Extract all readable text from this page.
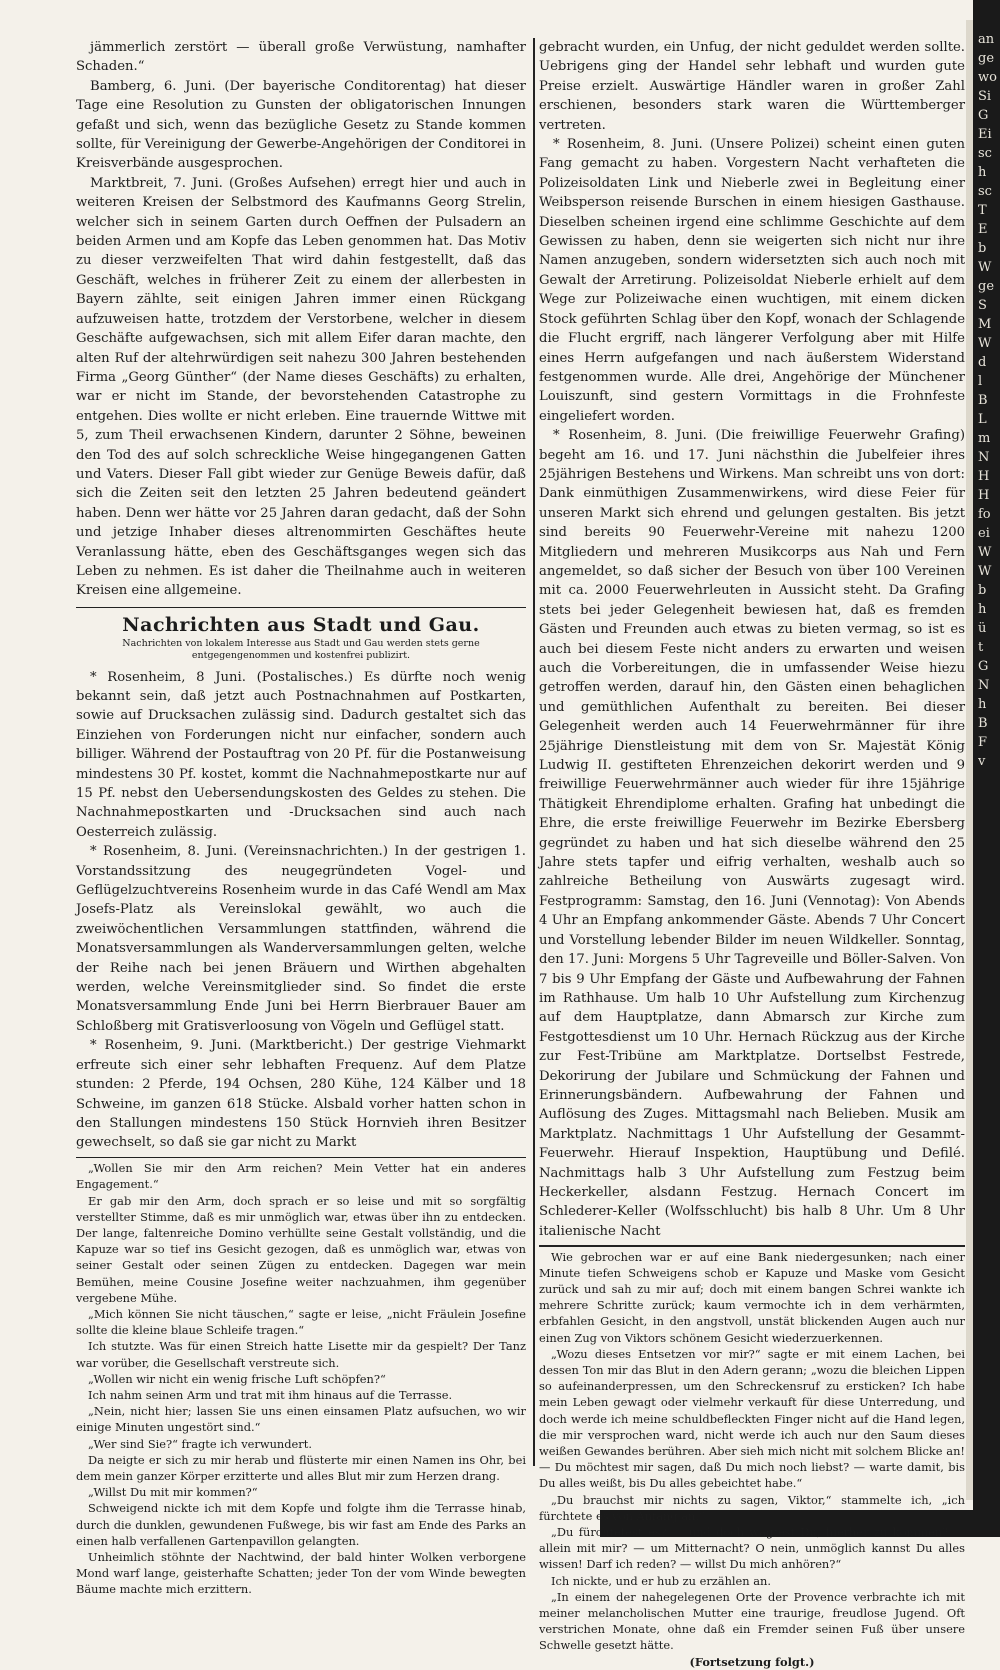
an
ge
wo
Si
G
Ei
sc
h
sc
T
E
b
W
ge
S
M
W
d
l
B
L
m
N
H
H
fo
ei
W
W
b
h
ü
t
G
N
h
B
F
v

jämmerlich zerstört — überall große Verwüstung, namhafter Schaden.“

Bamberg, 6. Juni. (Der bayerische Conditorentag) hat dieser Tage eine Resolution zu Gunsten der obligatorischen Innungen gefaßt und sich, wenn das bezügliche Gesetz zu Stande kommen sollte, für Vereinigung der Gewerbe-Angehörigen der Conditorei in Kreisverbände ausgesprochen.

Marktbreit, 7. Juni. (Großes Aufsehen) erregt hier und auch in weiteren Kreisen der Selbstmord des Kaufmanns Georg Strelin, welcher sich in seinem Garten durch Oeffnen der Pulsadern an beiden Armen und am Kopfe das Leben genommen hat. Das Motiv zu dieser verzweifelten That wird dahin festgestellt, daß das Geschäft, welches in früherer Zeit zu einem der allerbesten in Bayern zählte, seit einigen Jahren immer einen Rückgang aufzuweisen hatte, trotzdem der Verstorbene, welcher in diesem Geschäfte aufgewachsen, sich mit allem Eifer daran machte, den alten Ruf der altehrwürdigen seit nahezu 300 Jahren bestehenden Firma „Georg Günther“ (der Name dieses Geschäfts) zu erhalten, war er nicht im Stande, der bevorstehenden Catastrophe zu entgehen. Dies wollte er nicht erleben. Eine trauernde Wittwe mit 5, zum Theil erwachsenen Kindern, darunter 2 Söhne, beweinen den Tod des auf solch schreckliche Weise hingegangenen Gatten und Vaters. Dieser Fall gibt wieder zur Genüge Beweis dafür, daß sich die Zeiten seit den letzten 25 Jahren bedeutend geändert haben. Denn wer hätte vor 25 Jahren daran gedacht, daß der Sohn und jetzige Inhaber dieses altrenommirten Geschäftes heute Veranlassung hätte, eben des Geschäftsganges wegen sich das Leben zu nehmen. Es ist daher die Theilnahme auch in weiteren Kreisen eine allgemeine.

Nachrichten aus Stadt und Gau.
Nachrichten von lokalem Interesse aus Stadt und Gau werden stets gerne entgegengenommen und kostenfrei publizirt.

* Rosenheim, 8 Juni. (Postalisches.) Es dürfte noch wenig bekannt sein, daß jetzt auch Postnachnahmen auf Postkarten, sowie auf Drucksachen zulässig sind. Dadurch gestaltet sich das Einziehen von Forderungen nicht nur einfacher, sondern auch billiger. Während der Postauftrag von 20 Pf. für die Postanweisung mindestens 30 Pf. kostet, kommt die Nachnahmepostkarte nur auf 15 Pf. nebst den Uebersendungskosten des Geldes zu stehen. Die Nachnahmepostkarten und -Drucksachen sind auch nach Oesterreich zulässig.

* Rosenheim, 8. Juni. (Vereinsnachrichten.) In der gestrigen 1. Vorstandssitzung des neugegründeten Vogel- und Geflügelzuchtvereins Rosenheim wurde in das Café Wendl am Max Josefs-Platz als Vereinslokal gewählt, wo auch die zweiwöchentlichen Versammlungen stattfinden, während die Monatsversammlungen als Wanderversammlungen gelten, welche der Reihe nach bei jenen Bräuern und Wirthen abgehalten werden, welche Vereinsmitglieder sind. So findet die erste Monatsversammlung Ende Juni bei Herrn Bierbrauer Bauer am Schloßberg mit Gratisverloosung von Vögeln und Geflügel statt.

* Rosenheim, 9. Juni. (Marktbericht.) Der gestrige Viehmarkt erfreute sich einer sehr lebhaften Frequenz. Auf dem Platze stunden: 2 Pferde, 194 Ochsen, 280 Kühe, 124 Kälber und 18 Schweine, im ganzen 618 Stücke. Alsbald vorher hatten schon in den Stallungen mindestens 150 Stück Hornvieh ihren Besitzer gewechselt, so daß sie gar nicht zu Markt

„Wollen Sie mir den Arm reichen? Mein Vetter hat ein anderes Engagement.“

Er gab mir den Arm, doch sprach er so leise und mit so sorgfältig verstellter Stimme, daß es mir unmöglich war, etwas über ihn zu entdecken. Der lange, faltenreiche Domino verhüllte seine Gestalt vollständig, und die Kapuze war so tief ins Gesicht gezogen, daß es unmöglich war, etwas von seiner Gestalt oder seinen Zügen zu entdecken. Dagegen war mein Bemühen, meine Cousine Josefine weiter nachzuahmen, ihm gegenüber vergebene Mühe.

„Mich können Sie nicht täuschen,“ sagte er leise, „nicht Fräulein Josefine sollte die kleine blaue Schleife tragen.“

Ich stutzte. Was für einen Streich hatte Lisette mir da gespielt? Der Tanz war vorüber, die Gesellschaft verstreute sich.

„Wollen wir nicht ein wenig frische Luft schöpfen?“

Ich nahm seinen Arm und trat mit ihm hinaus auf die Terrasse.

„Nein, nicht hier; lassen Sie uns einen einsamen Platz aufsuchen, wo wir einige Minuten ungestört sind.“

„Wer sind Sie?“ fragte ich verwundert.

Da neigte er sich zu mir herab und flüsterte mir einen Namen ins Ohr, bei dem mein ganzer Körper erzitterte und alles Blut mir zum Herzen drang.

„Willst Du mit mir kommen?“

Schweigend nickte ich mit dem Kopfe und folgte ihm die Terrasse hinab, durch die dunklen, gewundenen Fußwege, bis wir fast am Ende des Parks an einen halb verfallenen Gartenpavillon gelangten.

Unheimlich stöhnte der Nachtwind, der bald hinter Wolken verborgene Mond warf lange, geisterhafte Schatten; jeder Ton der vom Winde bewegten Bäume machte mich erzittern.

gebracht wurden, ein Unfug, der nicht geduldet werden sollte. Uebrigens ging der Handel sehr lebhaft und wurden gute Preise erzielt. Auswärtige Händler waren in großer Zahl erschienen, besonders stark waren die Württemberger vertreten.

* Rosenheim, 8. Juni. (Unsere Polizei) scheint einen guten Fang gemacht zu haben. Vorgestern Nacht verhafteten die Polizeisoldaten Link und Nieberle zwei in Begleitung einer Weibsperson reisende Burschen in einem hiesigen Gasthause. Dieselben scheinen irgend eine schlimme Geschichte auf dem Gewissen zu haben, denn sie weigerten sich nicht nur ihre Namen anzugeben, sondern widersetzten sich auch noch mit Gewalt der Arretirung. Polizeisoldat Nieberle erhielt auf dem Wege zur Polizeiwache einen wuchtigen, mit einem dicken Stock geführten Schlag über den Kopf, wonach der Schlagende die Flucht ergriff, nach längerer Verfolgung aber mit Hilfe eines Herrn aufgefangen und nach äußerstem Widerstand festgenommen wurde. Alle drei, Angehörige der Münchener Louiszunft, sind gestern Vormittags in die Frohnfeste eingeliefert worden.

* Rosenheim, 8. Juni. (Die freiwillige Feuerwehr Grafing) begeht am 16. und 17. Juni nächsthin die Jubelfeier ihres 25jährigen Bestehens und Wirkens. Man schreibt uns von dort: Dank einmüthigen Zusammenwirkens, wird diese Feier für unseren Markt sich ehrend und gelungen gestalten. Bis jetzt sind bereits 90 Feuerwehr-Vereine mit nahezu 1200 Mitgliedern und mehreren Musikcorps aus Nah und Fern angemeldet, so daß sicher der Besuch von über 100 Vereinen mit ca. 2000 Feuerwehrleuten in Aussicht steht. Da Grafing stets bei jeder Gelegenheit bewiesen hat, daß es fremden Gästen und Freunden auch etwas zu bieten vermag, so ist es auch bei diesem Feste nicht anders zu erwarten und weisen auch die Vorbereitungen, die in umfassender Weise hiezu getroffen werden, darauf hin, den Gästen einen behaglichen und gemüthlichen Aufenthalt zu bereiten. Bei dieser Gelegenheit werden auch 14 Feuerwehrmänner für ihre 25jährige Dienstleistung mit dem von Sr. Majestät König Ludwig II. gestifteten Ehrenzeichen dekorirt werden und 9 freiwillige Feuerwehrmänner auch wieder für ihre 15jährige Thätigkeit Ehrendiplome erhalten. Grafing hat unbedingt die Ehre, die erste freiwillige Feuerwehr im Bezirke Ebersberg gegründet zu haben und hat sich dieselbe während den 25 Jahre stets tapfer und eifrig verhalten, weshalb auch so zahlreiche Betheilung von Auswärts zugesagt wird. Festprogramm: Samstag, den 16. Juni (Vennotag): Von Abends 4 Uhr an Empfang ankommender Gäste. Abends 7 Uhr Concert und Vorstellung lebender Bilder im neuen Wildkeller. Sonntag, den 17. Juni: Morgens 5 Uhr Tagreveille und Böller-Salven. Von 7 bis 9 Uhr Empfang der Gäste und Aufbewahrung der Fahnen im Rathhause. Um halb 10 Uhr Aufstellung zum Kirchenzug auf dem Hauptplatze, dann Abmarsch zur Kirche zum Festgottesdienst um 10 Uhr. Hernach Rückzug aus der Kirche zur Fest-Tribüne am Marktplatze. Dortselbst Festrede, Dekorirung der Jubilare und Schmückung der Fahnen und Erinnerungsbändern. Aufbewahrung der Fahnen und Auflösung des Zuges. Mittagsmahl nach Belieben. Musik am Marktplatz. Nachmittags 1 Uhr Aufstellung der Gesammt-Feuerwehr. Hierauf Inspektion, Hauptübung und Defilé. Nachmittags halb 3 Uhr Aufstellung zum Festzug beim Heckerkeller, alsdann Festzug. Hernach Concert im Schlederer-Keller (Wolfsschlucht) bis halb 8 Uhr. Um 8 Uhr italienische Nacht

Wie gebrochen war er auf eine Bank niedergesunken; nach einer Minute tiefen Schweigens schob er Kapuze und Maske vom Gesicht zurück und sah zu mir auf; doch mit einem bangen Schrei wankte ich mehrere Schritte zurück; kaum vermochte ich in dem verhärmten, erbfahlen Gesicht, in den angstvoll, unstät blickenden Augen auch nur einen Zug von Viktors schönem Gesicht wiederzuerkennen.

„Wozu dieses Entsetzen vor mir?“ sagte er mit einem Lachen, bei dessen Ton mir das Blut in den Adern gerann; „wozu die bleichen Lippen so aufeinanderpressen, um den Schreckensruf zu ersticken? Ich habe mein Leben gewagt oder vielmehr verkauft für diese Unterredung, und doch werde ich meine schuldbefleckten Finger nicht auf die Hand legen, die mir versprochen ward, nicht werde ich auch nur den Saum dieses weißen Gewandes berühren. Aber sieh mich nicht mit solchem Blicke an! — Du möchtest mir sagen, daß Du mich noch liebst? — warte damit, bis Du alles weißt, bis Du alles gebeichtet habe.“

„Du brauchst mir nichts zu sagen, Viktor,“ stammelte ich, „ich fürchtete es von Anfang an.“

„Du fürchtetest es? — und doch wagtest Du, hierher zu kommen? — allein mit mir? — um Mitternacht? O nein, unmöglich kannst Du alles wissen! Darf ich reden? — willst Du mich anhören?“

Ich nickte, und er hub zu erzählen an.

„In einem der nahegelegenen Orte der Provence verbrachte ich mit meiner melancholischen Mutter eine traurige, freudlose Jugend. Oft verstrichen Monate, ohne daß ein Fremder seinen Fuß über unsere Schwelle gesetzt hätte.

(Fortsetzung folgt.)
